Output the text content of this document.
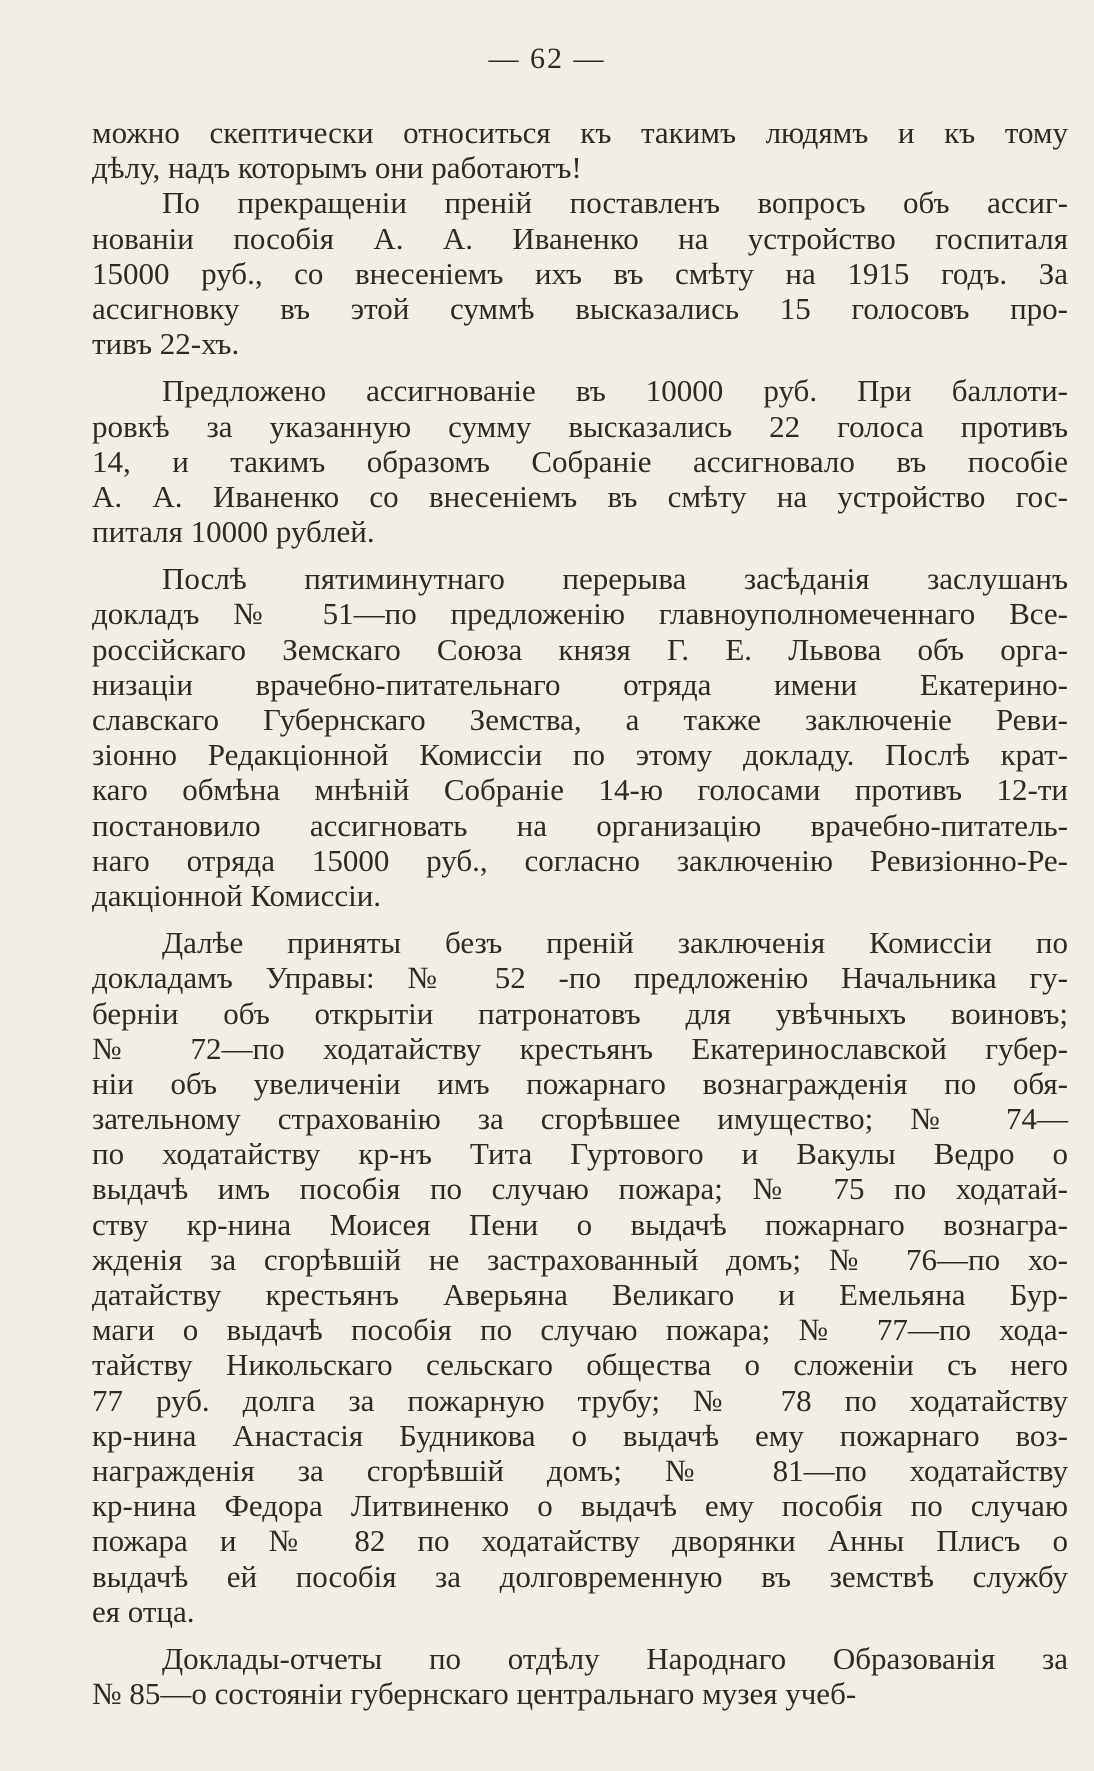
— 62 —
можно скептически относиться къ такимъ людямъ и къ тому
дѣлу, надъ которымъ они работаютъ!
По прекращеніи преній поставленъ вопросъ объ ассиг-
нованіи пособія А. А. Иваненко на устройство госпиталя
15000 руб., со внесеніемъ ихъ въ смѣту на 1915 годъ. За
ассигновку въ этой суммѣ высказались 15 голосовъ про-
тивъ 22-хъ.
Предложено ассигнованіе въ 10000 руб. При баллоти-
ровкѣ за указанную сумму высказались 22 голоса противъ
14, и такимъ образомъ Собраніе ассигновало въ пособіе
А. А. Иваненко со внесеніемъ въ смѣту на устройство гос-
питаля 10000 рублей.
Послѣ пятиминутнаго перерыва засѣданія заслушанъ
докладъ № 51—по предложенію главноуполномеченнаго Все-
россійскаго Земскаго Союза князя Г. Е. Львова объ орга-
низаціи врачебно-питательнаго отряда имени Екатерино-
славскаго Губернскаго Земства, а также заключеніе Реви-
зіонно Редакціонной Комиссіи по этому докладу. Послѣ крат-
каго обмѣна мнѣній Собраніе 14-ю голосами противъ 12-ти
постановило ассигновать на организацію врачебно-питатель-
наго отряда 15000 руб., согласно заключенію Ревизіонно-Ре-
дакціонной Комиссіи.
Далѣе приняты безъ преній заключенія Комиссіи по
докладамъ Управы: № 52 -по предложенію Начальника гу-
берніи объ открытіи патронатовъ для увѣчныхъ воиновъ;
№ 72—по ходатайству крестьянъ Екатеринославской губер-
ніи объ увеличеніи имъ пожарнаго вознагражденія по обя-
зательному страхованію за сгорѣвшее имущество; № 74—
по ходатайству кр-нъ Тита Гуртового и Вакулы Ведро о
выдачѣ имъ пособія по случаю пожара; № 75 по ходатай-
ству кр-нина Моисея Пени о выдачѣ пожарнаго вознагра-
жденія за сгорѣвшій не застрахованный домъ; № 76—по хо-
датайству крестьянъ Аверьяна Великаго и Емельяна Бур-
маги о выдачѣ пособія по случаю пожара; № 77—по хода-
тайству Никольскаго сельскаго общества о сложеніи съ него
77 руб. долга за пожарную трубу; № 78 по ходатайству
кр-нина Анастасія Будникова о выдачѣ ему пожарнаго воз-
награжденія за сгорѣвшій домъ; № 81—по ходатайству
кр-нина Федора Литвиненко о выдачѣ ему пособія по случаю
пожара и № 82 по ходатайству дворянки Анны Плисъ о
выдачѣ ей пособія за долговременную въ земствѣ службу
ея отца.
Доклады-отчеты по отдѣлу Народнаго Образованія за
№ 85—о состояніи губернскаго центральнаго музея учеб-
